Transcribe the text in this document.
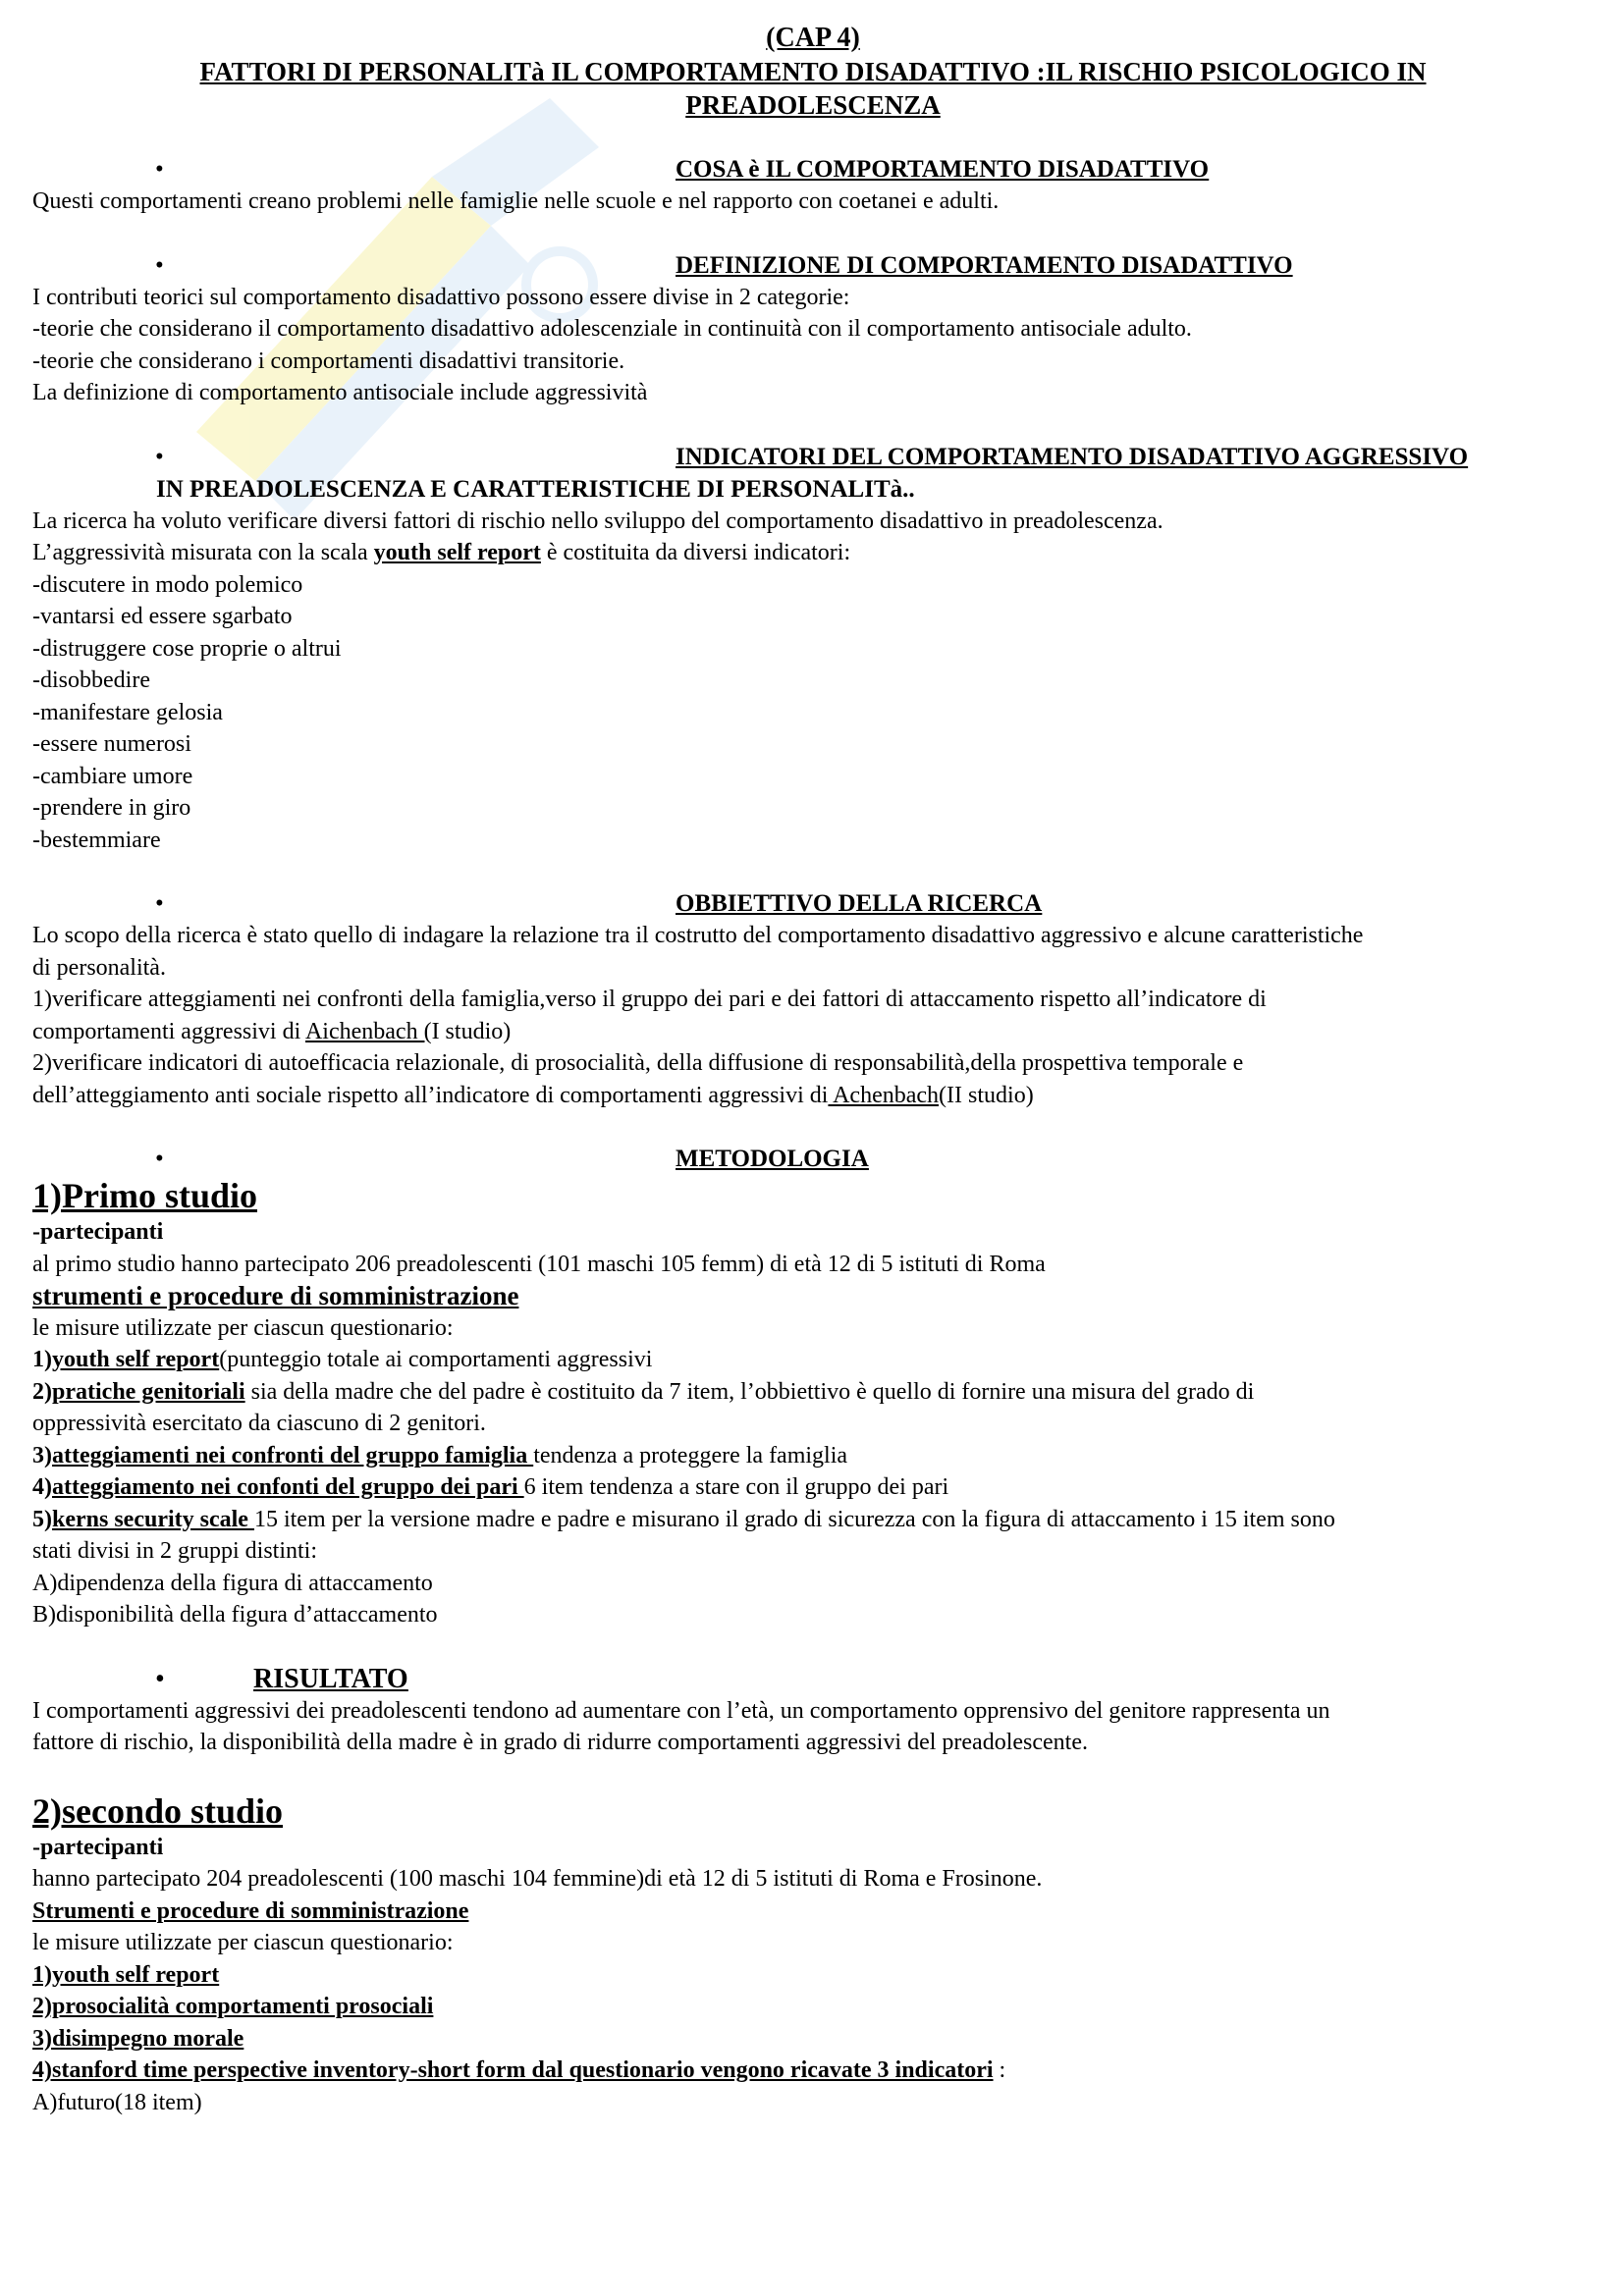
(CAP 4)

FATTORI DI PERSONALITà IL COMPORTAMENTO DISADATTIVO :IL RISCHIO PSICOLOGICO IN

PREADOLESCENZA

•	COSA è IL COMPORTAMENTO DISADATTIVO

Questi comportamenti creano problemi nelle famiglie nelle scuole e nel rapporto con coetanei e adulti.

•	DEFINIZIONE DI COMPORTAMENTO DISADATTIVO

I contributi teorici sul comportamento disadattivo possono essere divise in 2 categorie:

-teorie che considerano il comportamento disadattivo adolescenziale in continuità con il comportamento antisociale adulto.

-teorie che considerano i comportamenti disadattivi transitorie.

La definizione di comportamento antisociale include aggressività

•	INDICATORI DEL COMPORTAMENTO DISADATTIVO AGGRESSIVO
IN PREADOLESCENZA E CARATTERISTICHE DI PERSONALITà..

La ricerca ha voluto verificare diversi fattori di rischio nello sviluppo del comportamento disadattivo in preadolescenza.

L’aggressività misurata con la scala youth self report è costituita da diversi indicatori:

-discutere in modo polemico

-vantarsi ed essere sgarbato

-distruggere cose proprie o altrui

-disobbedire

-manifestare gelosia

-essere numerosi

-cambiare umore

-prendere in giro

-bestemmiare

•	OBBIETTIVO DELLA RICERCA

Lo scopo della ricerca è stato quello di indagare la relazione tra il costrutto del comportamento disadattivo aggressivo e alcune caratteristiche

di personalità.

1)verificare atteggiamenti nei confronti della famiglia,verso il gruppo dei pari e dei fattori di attaccamento rispetto all’indicatore di

comportamenti aggressivi di Aichenbach (I studio)

2)verificare indicatori di autoefficacia relazionale, di prosocialità, della diffusione di responsabilità,della prospettiva temporale e

dell’atteggiamento anti sociale rispetto all’indicatore di comportamenti aggressivi di Achenbach(II studio)

•	METODOLOGIA

1)Primo studio

-partecipanti

al primo studio hanno partecipato 206 preadolescenti (101 maschi 105 femm) di età 12 di 5 istituti di Roma

strumenti e procedure di somministrazione

le misure utilizzate per ciascun questionario:

1)youth self report(punteggio totale ai comportamenti aggressivi

2)pratiche genitoriali sia della madre che del padre è costituito da 7 item, l’obbiettivo è quello di fornire una misura del grado di

oppressività esercitato da ciascuno di 2 genitori.

3)atteggiamenti nei confronti del gruppo famiglia tendenza a proteggere la famiglia

4)atteggiamento nei confonti del gruppo dei pari 6 item tendenza a stare con il gruppo dei pari

5)kerns security scale 15 item per la versione madre e padre e misurano il grado di sicurezza con la figura di attaccamento i 15 item sono

stati divisi in 2 gruppi distinti:

A)dipendenza della figura di attaccamento

B)disponibilità della figura d’attaccamento

•	RISULTATO

I comportamenti aggressivi dei preadolescenti tendono ad aumentare con l’età, un comportamento opprensivo del genitore rappresenta un

fattore di rischio, la disponibilità della madre è in grado di ridurre comportamenti aggressivi del preadolescente.

2)secondo studio

-partecipanti

hanno partecipato 204 preadolescenti (100 maschi 104 femmine)di età 12 di 5 istituti di Roma e Frosinone.

Strumenti e procedure di somministrazione

le misure utilizzate per ciascun questionario:

1)youth self report

2)prosocialità comportamenti prosociali

3)disimpegno morale

4)stanford time perspective inventory-short form dal questionario vengono ricavate 3 indicatori :

A)futuro(18 item)
